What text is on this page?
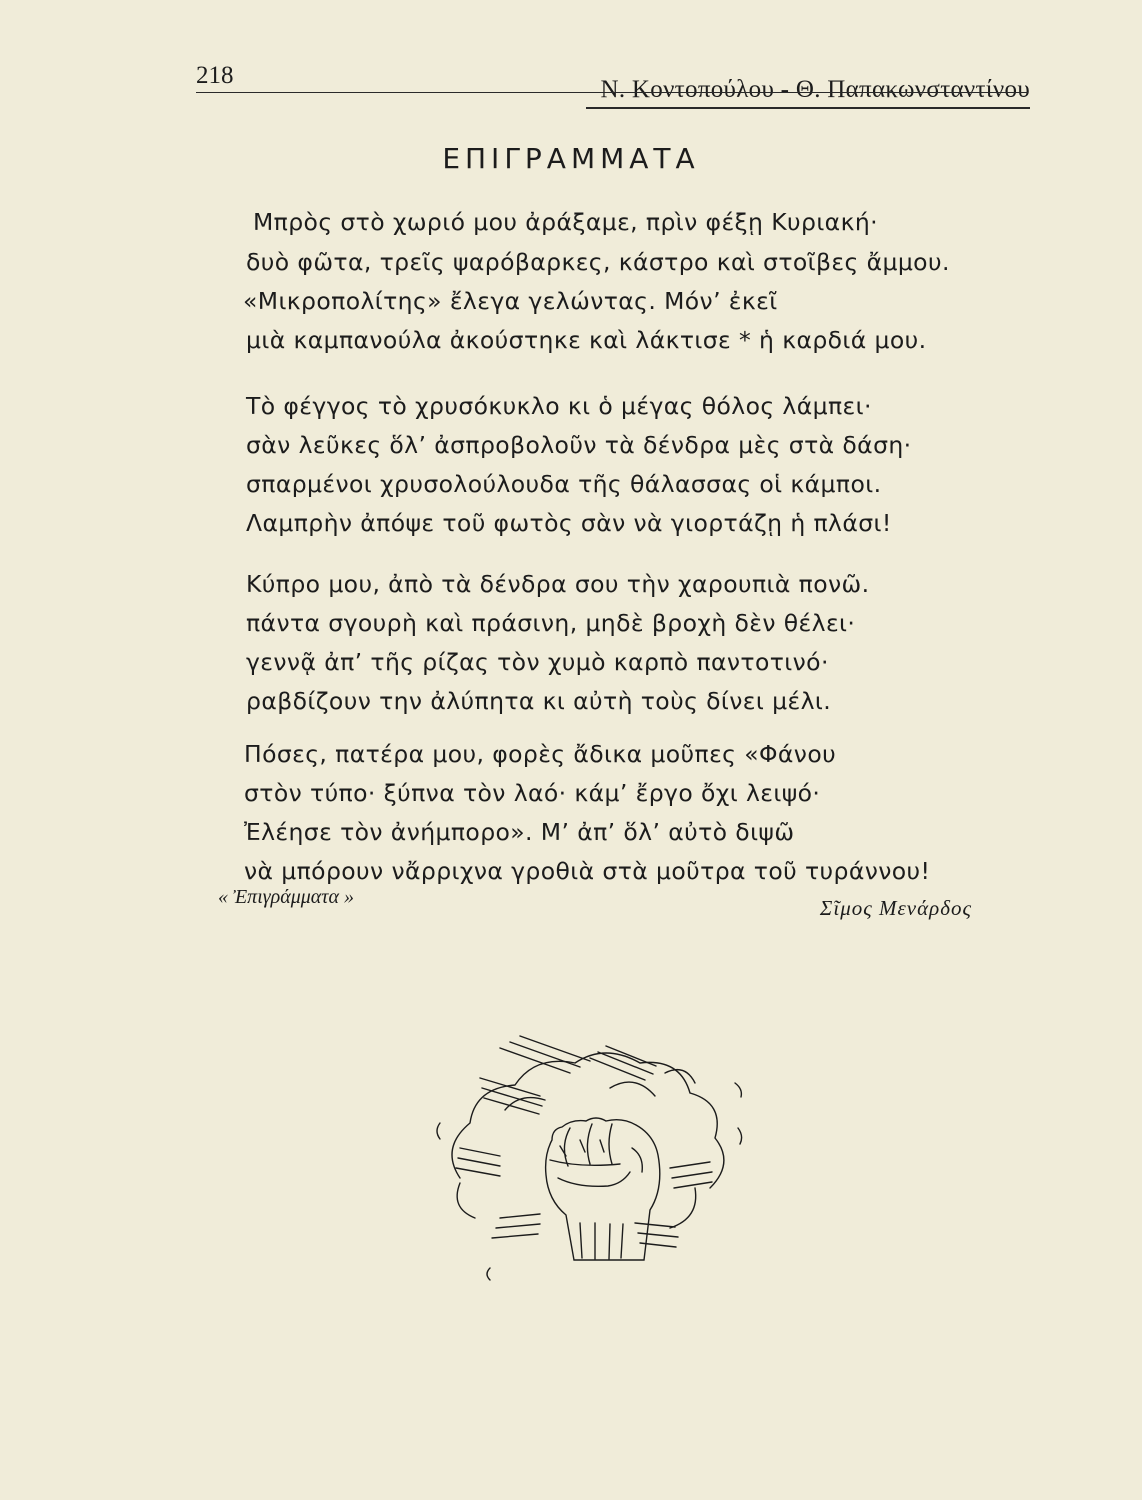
218
Ν. Κοντοπούλου - Θ. Παπακωνσταντίνου
ΕΠΙΓΡΑΜΜΑΤΑ
Μπρὸς στὸ χωριό μου ἀράξαμε, πρὶν φέξῃ Κυριακή·
δυὸ φῶτα, τρεῖς ψαρόβαρκες, κάστρο καὶ στοῖβες ἄμμου.
«Μικροπολίτης» ἔλεγα γελώντας. Μόν’ ἐκεῖ
μιὰ καμπανούλα ἀκούστηκε καὶ λάκτισε * ἡ καρδιά μου.
Τὸ φέγγος τὸ χρυσόκυκλο κι ὁ μέγας θόλος λάμπει·
σὰν λεῦκες ὅλ’ ἀσπροβολοῦν τὰ δένδρα μὲς στὰ δάση·
σπαρμένοι χρυσολούλουδα τῆς θάλασσας οἱ κάμποι.
Λαμπρὴν ἀπόψε τοῦ φωτὸς σὰν νὰ γιορτάζῃ ἡ πλάσι!
Κύπρο μου, ἀπὸ τὰ δένδρα σου τὴν χαρουπιὰ πονῶ.
πάντα σγουρὴ καὶ πράσινη, μηδὲ βροχὴ δὲν θέλει·
γεννᾷ ἀπ’ τῆς ρίζας τὸν χυμὸ καρπὸ παντοτινό·
ραβδίζουν την ἀλύπητα κι αὐτὴ τοὺς δίνει μέλι.
Πόσες, πατέρα μου, φορὲς ἄδικα μοῦπες «Φάνου
στὸν τύπο· ξύπνα τὸν λαό· κάμ’ ἔργο ὄχι λειψό·
Ἐλέησε τὸν ἀνήμπορο». Μ’ ἀπ’ ὅλ’ αὐτὸ διψῶ
νὰ μπόρουν νἄρριχνα γροθιὰ στὰ μοῦτρα τοῦ τυράννου!
« Ἐπιγράμματα »	Σῖμος Μενάρδος
